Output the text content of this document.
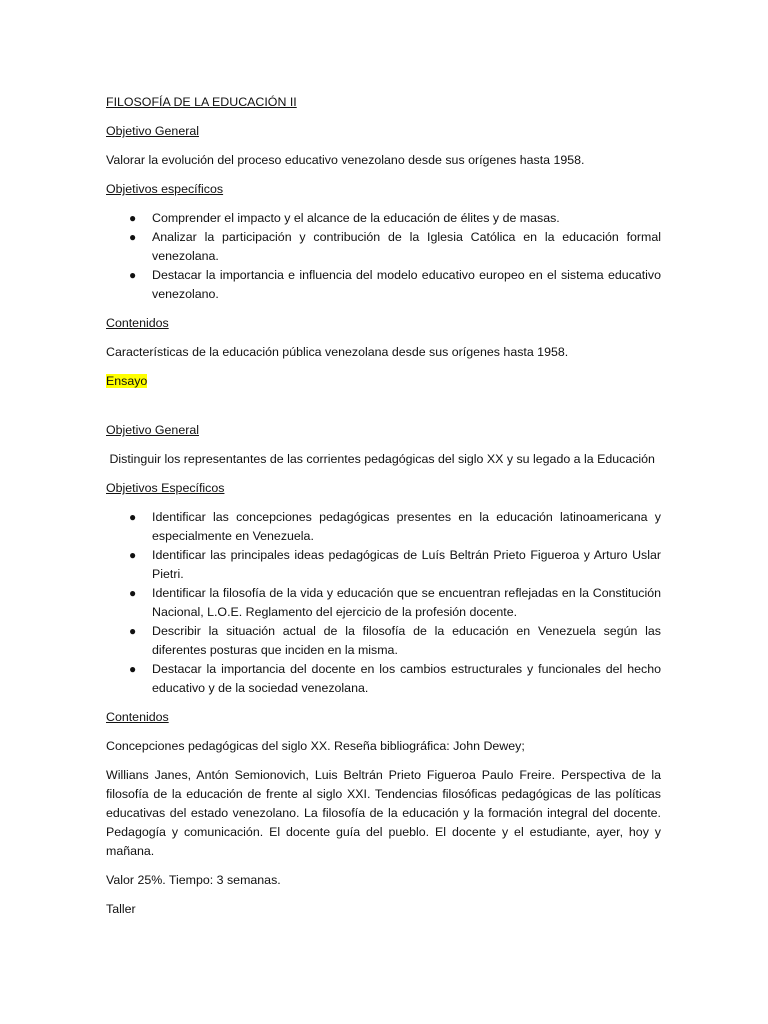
FILOSOFÍA DE LA EDUCACIÓN II

Objetivo General

Valorar la evolución del proceso educativo venezolano desde sus orígenes hasta 1958.

Objetivos específicos

● Comprender el impacto y el alcance de la educación de élites y de masas.
● Analizar la participación y contribución de la Iglesia Católica en la educación formal venezolana.
● Destacar la importancia e influencia del modelo educativo europeo en el sistema educativo venezolano.

Contenidos

Características de la educación pública venezolana desde sus orígenes hasta 1958.

Ensayo

Objetivo General

Distinguir los representantes de las corrientes pedagógicas del siglo XX y su legado a la Educación

Objetivos Específicos

● Identificar las concepciones pedagógicas presentes en la educación latinoamericana y especialmente en Venezuela.
● Identificar las principales ideas pedagógicas de Luís Beltrán Prieto Figueroa y Arturo Uslar Pietri.
● Identificar la filosofía de la vida y educación que se encuentran reflejadas en la Constitución Nacional, L.O.E. Reglamento del ejercicio de la profesión docente.
● Describir la situación actual de la filosofía de la educación en Venezuela según las diferentes posturas que inciden en la misma.
● Destacar la importancia del docente en los cambios estructurales y funcionales del hecho educativo y de la sociedad venezolana.

Contenidos

Concepciones pedagógicas del siglo XX. Reseña bibliográfica: John Dewey;

Willians Janes, Antón Semionovich, Luis Beltrán Prieto Figueroa Paulo Freire. Perspectiva de la filosofía de la educación de frente al siglo XXI. Tendencias filosóficas pedagógicas de las políticas educativas del estado venezolano. La filosofía de la educación y la formación integral del docente. Pedagogía y comunicación. El docente guía del pueblo. El docente y el estudiante, ayer, hoy y mañana.

Valor 25%. Tiempo: 3 semanas.

Taller
